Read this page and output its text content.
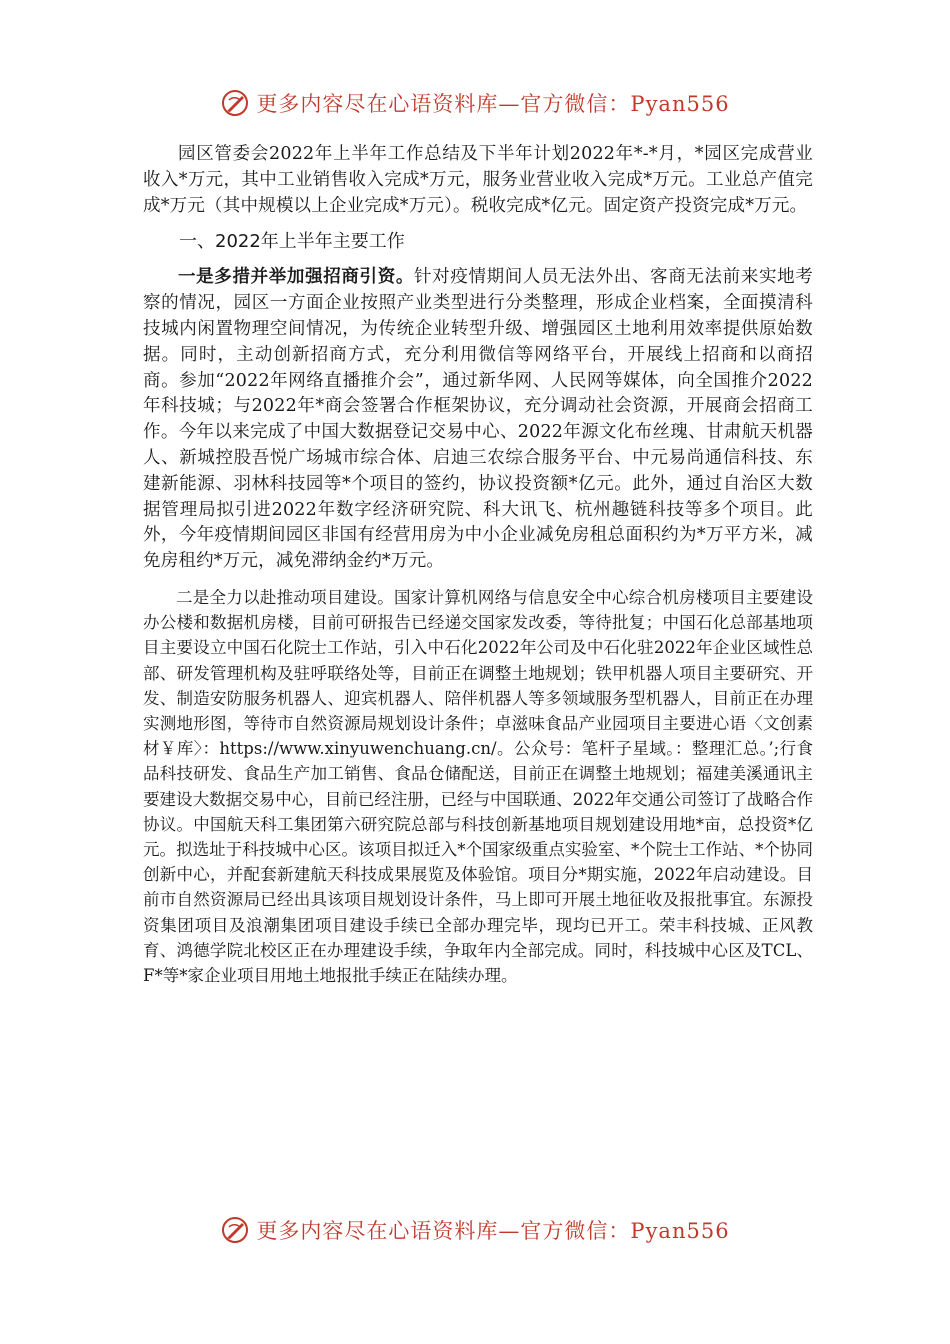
更多内容尽在心语资料库—官方微信：Pyan556

园区管委会2022年上半年工作总结及下半年计划2022年*-*月，*园区完成营业收入*万元，其中工业销售收入完成*万元，服务业营业收入完成*万元。工业总产值完成*万元（其中规模以上企业完成*万元）。税收完成*亿元。固定资产投资完成*万元。

一、2022年上半年主要工作

一是多措并举加强招商引资。针对疫情期间人员无法外出、客商无法前来实地考察的情况，园区一方面企业按照产业类型进行分类整理，形成企业档案，全面摸清科技城内闲置物理空间情况，为传统企业转型升级、增强园区土地利用效率提供原始数据。同时，主动创新招商方式，充分利用微信等网络平台，开展线上招商和以商招商。参加“2022年网络直播推介会”，通过新华网、人民网等媒体，向全国推介2022年科技城；与2022年*商会签署合作框架协议，充分调动社会资源，开展商会招商工作。今年以来完成了中国大数据登记交易中心、2022年源文化布丝瑰、甘肃航天机器人、新城控股吾悦广场城市综合体、启迪三农综合服务平台、中元易尚通信科技、东建新能源、羽林科技园等*个项目的签约，协议投资额*亿元。此外，通过自治区大数据管理局拟引进2022年数字经济研究院、科大讯飞、杭州趣链科技等多个项目。此外，今年疫情期间园区非国有经营用房为中小企业减免房租总面积约为*万平方米，减免房租约*万元，减免滞纳金约*万元。

二是全力以赴推动项目建设。国家计算机网络与信息安全中心综合机房楼项目主要建设办公楼和数据机房楼，目前可研报告已经递交国家发改委，等待批复；中国石化总部基地项目主要设立中国石化院士工作站，引入中石化2022年公司及中石化驻2022年企业区域性总部、研发管理机构及驻呼联络处等，目前正在调整土地规划；铁甲机器人项目主要研究、开发、制造安防服务机器人、迎宾机器人、陪伴机器人等多领域服务型机器人，目前正在办理实测地形图，等待市自然资源局规划设计条件；卓滋味食品产业园项目主要进心语〈文创素材￥库〉：https://www.xinyuwenchuang.cn/。公众号：笔杆子星域。：整理汇总。’;行食品科技研发、食品生产加工销售、食品仓储配送，目前正在调整土地规划；福建美溪通讯主要建设大数据交易中心，目前已经注册，已经与中国联通、2022年交通公司签订了战略合作协议。中国航天科工集团第六研究院总部与科技创新基地项目规划建设用地*亩，总投资*亿元。拟选址于科技城中心区。该项目拟迁入*个国家级重点实验室、*个院士工作站、*个协同创新中心，并配套新建航天科技成果展览及体验馆。项目分*期实施，2022年启动建设。目前市自然资源局已经出具该项目规划设计条件，马上即可开展土地征收及报批事宜。东源投资集团项目及浪潮集团项目建设手续已全部办理完毕，现均已开工。荣丰科技城、正风教育、鸿德学院北校区正在办理建设手续，争取年内全部完成。同时，科技城中心区及TCL、F*等*家企业项目用地土地报批手续正在陆续办理。

更多内容尽在心语资料库—官方微信：Pyan556
